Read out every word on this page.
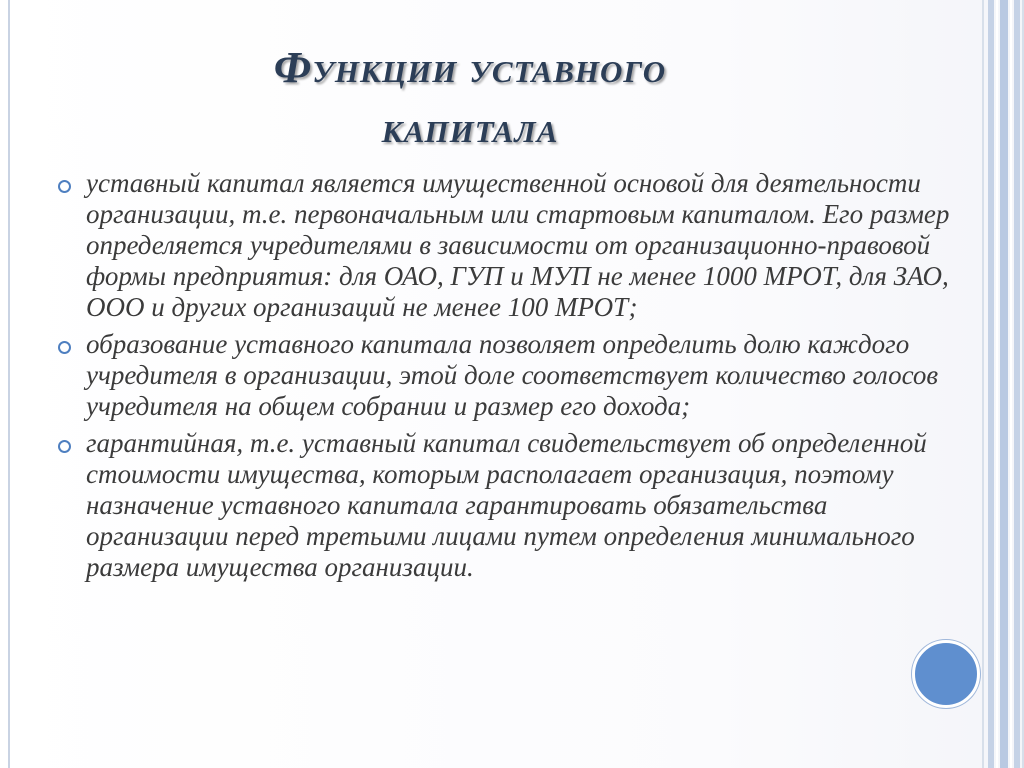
Функции уставного
капитала
уставный капитал является имущественной основой для деятельности организации, т.е. первоначальным или стартовым капиталом. Его размер определяется учредителями в зависимости от организационно-правовой формы предприятия: для ОАО, ГУП и МУП не менее 1000 МРОТ, для ЗАО, ООО и других организаций не менее 100 МРОТ;
образование уставного капитала позволяет определить долю каждого учредителя в организации, этой доле соответствует количество голосов учредителя на общем собрании и размер его дохода;
гарантийная, т.е. уставный капитал свидетельствует об определенной стоимости имущества, которым располагает организация, поэтому назначение уставного капитала гарантировать обязательства организации перед третьими лицами путем определения минимального размера имущества организации.
